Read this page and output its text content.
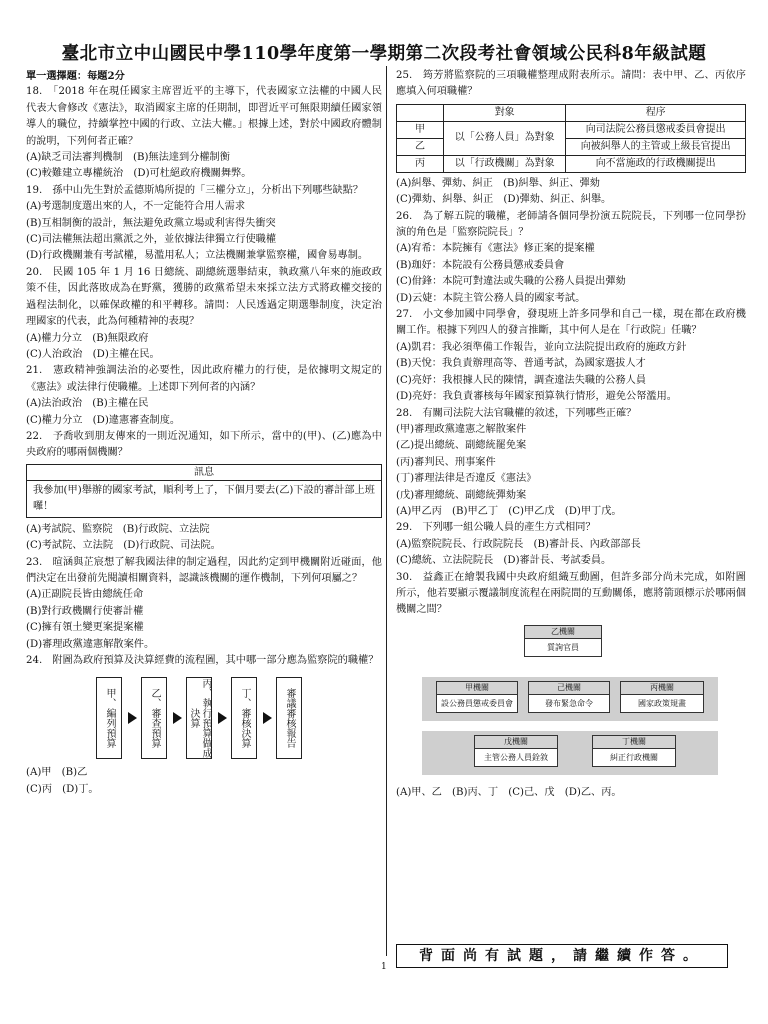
臺北市立中山國民中學110學年度第一學期第二次段考社會領域公民科8年級試題

單一選擇題：每題2分

18.　「2018 年在現任國家主席習近平的主導下，代表國家立法權的中國人民代表大會修改《憲法》，取消國家主席的任期制，即習近平可無限期續任國家領導人的職位，持續掌控中國的行政、立法大權。」根據上述，對於中國政府體制的說明，下列何者正確？

(A)缺乏司法審判機制　(B)無法達到分權制衡

(C)較難建立專權統治　(D)可杜絕政府機關舞弊。

19.　孫中山先生對於孟德斯鳩所提的「三權分立」，分析出下列哪些缺點？

(A)考選制度選出來的人，不一定能符合用人需求

(B)互相制衡的設計，無法避免政黨立場或利害得失衝突

(C)司法權無法超出黨派之外，並依據法律獨立行使職權

(D)行政機關兼有考試權，易濫用私人；立法機關兼掌監察權，國會易專制。

20.　民國 105 年 1 月 16 日總統、副總統選舉結束，執政黨八年來的施政政策不佳，因此落敗成為在野黨，獲勝的政黨希望未來採立法方式將政權交接的過程法制化，以確保政權的和平轉移。請問：人民透過定期選舉制度，決定治理國家的代表，此為何種精神的表現？

(A)權力分立　(B)無限政府

(C)人治政治　(D)主權在民。

21.　憲政精神強調法治的必要性，因此政府權力的行使，是依據明文規定的《憲法》或法律行使職權。上述即下列何者的內涵？

(A)法治政治　(B)主權在民

(C)權力分立　(D)違憲審查制度。

22.　予喬收到朋友傳來的一則近況通知，如下所示，當中的(甲)、(乙)應為中央政府的哪兩個機關？

訊息
我參加(甲)舉辦的國家考試，順利考上了，下個月要去(乙)下設的審計部上班囉！

(A)考試院、監察院　(B)行政院、立法院

(C)考試院、立法院　(D)行政院、司法院。

23.　暄涵與芷宸想了解我國法律的制定過程，因此約定到甲機關附近碰面，他們決定在出發前先閱讀相關資料，認識該機關的運作機制，下列何項屬之？

(A)正副院長皆由總統任命

(B)對行政機關行使審計權

(C)擁有領土變更案提案權

(D)審理政黨違憲解散案件。

24.　附圖為政府預算及決算經費的流程圖，其中哪一部分應為監察院的職權？

甲、編列預算	乙、審查預算	丙、執行預算做成決算	丁、審核決算	審議審核報告

(A)甲　(B)乙

(C)丙　(D)丁。

25.　筠芳將監察院的三項職權整理成附表所示。請問：表中甲、乙、丙依序應填入何項職權？

	對象	程序
甲	以「公務人員」為對象	向司法院公務員懲戒委員會提出
乙		向被糾舉人的主管或上級長官提出
丙	以「行政機關」為對象	向不當施政的行政機關提出

(A)糾舉、彈劾、糾正　(B)糾舉、糾正、彈劾

(C)彈劾、糾舉、糾正　(D)彈劾、糾正、糾舉。

26.　為了解五院的職權，老師請各個同學扮演五院院長，下列哪一位同學扮演的角色是「監察院院長」？

(A)宥希：本院擁有《憲法》修正案的提案權

(B)珈妤：本院設有公務員懲戒委員會

(C)佾鋒：本院可對違法或失職的公務人員提出彈劾

(D)云婕：本院主管公務人員的國家考試。

27.　小文參加國中同學會，發現班上許多同學和自己一樣，現在都在政府機關工作。根據下列四人的發言推斷，其中何人是在「行政院」任職？

(A)凱君：我必須準備工作報告，並向立法院提出政府的施政方針

(B)天悅：我負責辦理高等、普通考試，為國家選拔人才

(C)亮妤：我根據人民的陳情，調查違法失職的公務人員

(D)亮妤：我負責審核每年國家預算執行情形，避免公帑濫用。

28.　有關司法院大法官職權的敘述，下列哪些正確？

(甲)審理政黨違憲之解散案件

(乙)提出總統、副總統罷免案

(丙)審判民、刑事案件

(丁)審理法律是否違反《憲法》

(戊)審理總統、副總統彈劾案

(A)甲乙丙　(B)甲乙丁　(C)甲乙戊　(D)甲丁戊。

29.　下列哪一組公職人員的產生方式相同？

(A)監察院院長、行政院院長　(B)審計長、內政部部長

(C)總統、立法院院長　(D)審計長、考試委員。

30.　益鑫正在繪製我國中央政府組織互動圖，但許多部分尚未完成，如附圖所示，他若要顯示覆議制度流程在兩院間的互動關係，應將箭頭標示於哪兩個機關之間？

乙機關
質詢官員
甲機關
設公務員懲戒委員會
己機關
發布緊急命令
丙機關
國家政策規畫
戊機關
主管公務人員銓敘
丁機關
糾正行政機關

(A)甲、乙　(B)丙、丁　(C)己、戊　(D)乙、丙。

背面尚有試題，請繼續作答。
1
